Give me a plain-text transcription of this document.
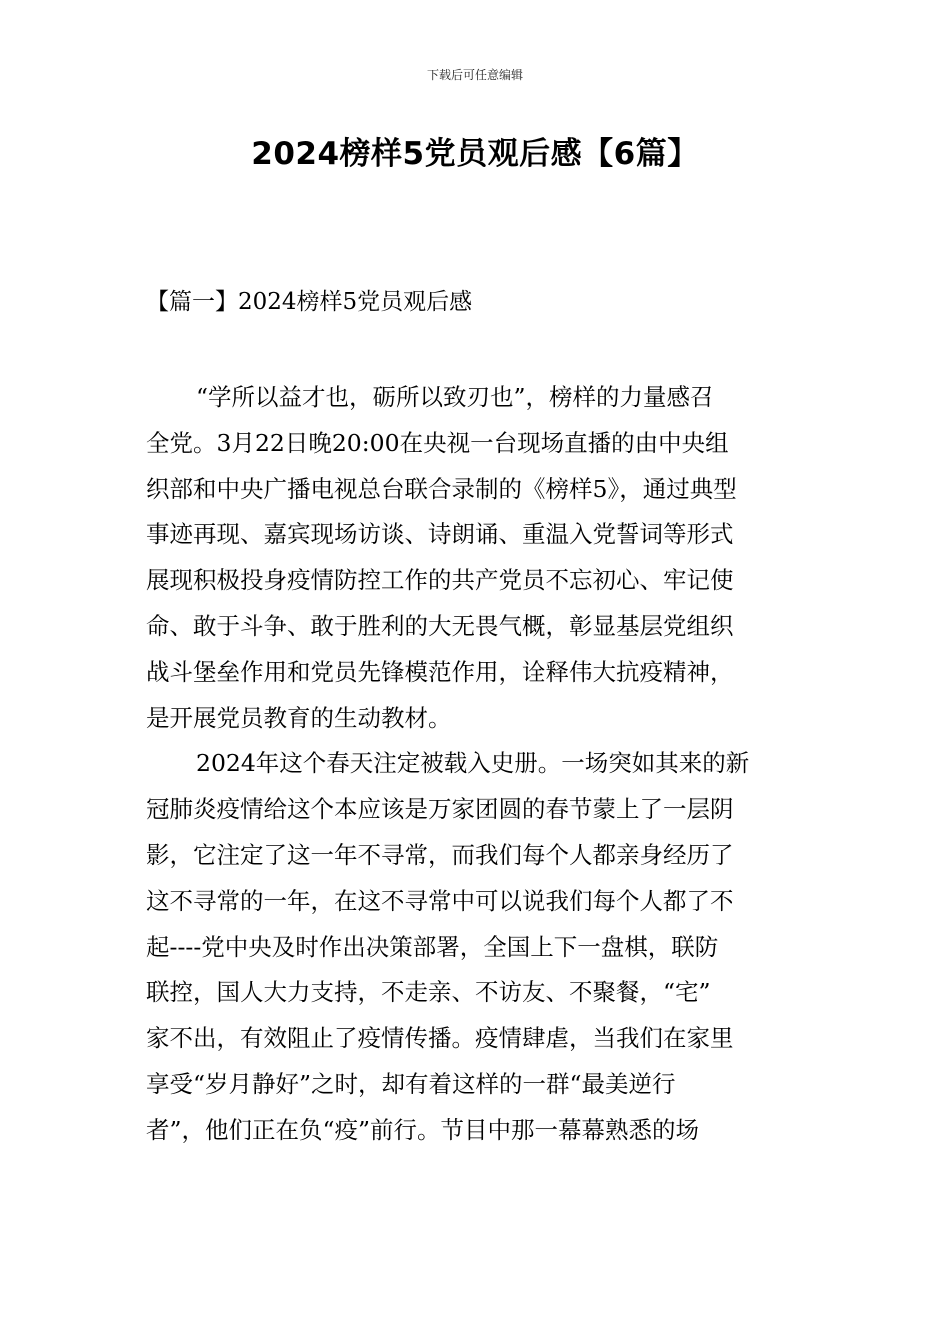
下载后可任意编辑
2024榜样5党员观后感【6篇】
【篇一】2024榜样5党员观后感
“学所以益才也，砺所以致刃也”，榜样的力量感召
全党。3月22日晚20:00在央视一台现场直播的由中央组
织部和中央广播电视总台联合录制的《榜样5》，通过典型
事迹再现、嘉宾现场访谈、诗朗诵、重温入党誓词等形式
展现积极投身疫情防控工作的共产党员不忘初心、牢记使
命、敢于斗争、敢于胜利的大无畏气概，彰显基层党组织
战斗堡垒作用和党员先锋模范作用，诠释伟大抗疫精神，
是开展党员教育的生动教材。
2024年这个春天注定被载入史册。一场突如其来的新
冠肺炎疫情给这个本应该是万家团圆的春节蒙上了一层阴
影，它注定了这一年不寻常，而我们每个人都亲身经历了
这不寻常的一年，在这不寻常中可以说我们每个人都了不
起----党中央及时作出决策部署，全国上下一盘棋，联防
联控，国人大力支持，不走亲、不访友、不聚餐，“宅”
家不出，有效阻止了疫情传播。疫情肆虐，当我们在家里
享受“岁月静好”之时，却有着这样的一群“最美逆行
者”，他们正在负“疫”前行。节目中那一幕幕熟悉的场
